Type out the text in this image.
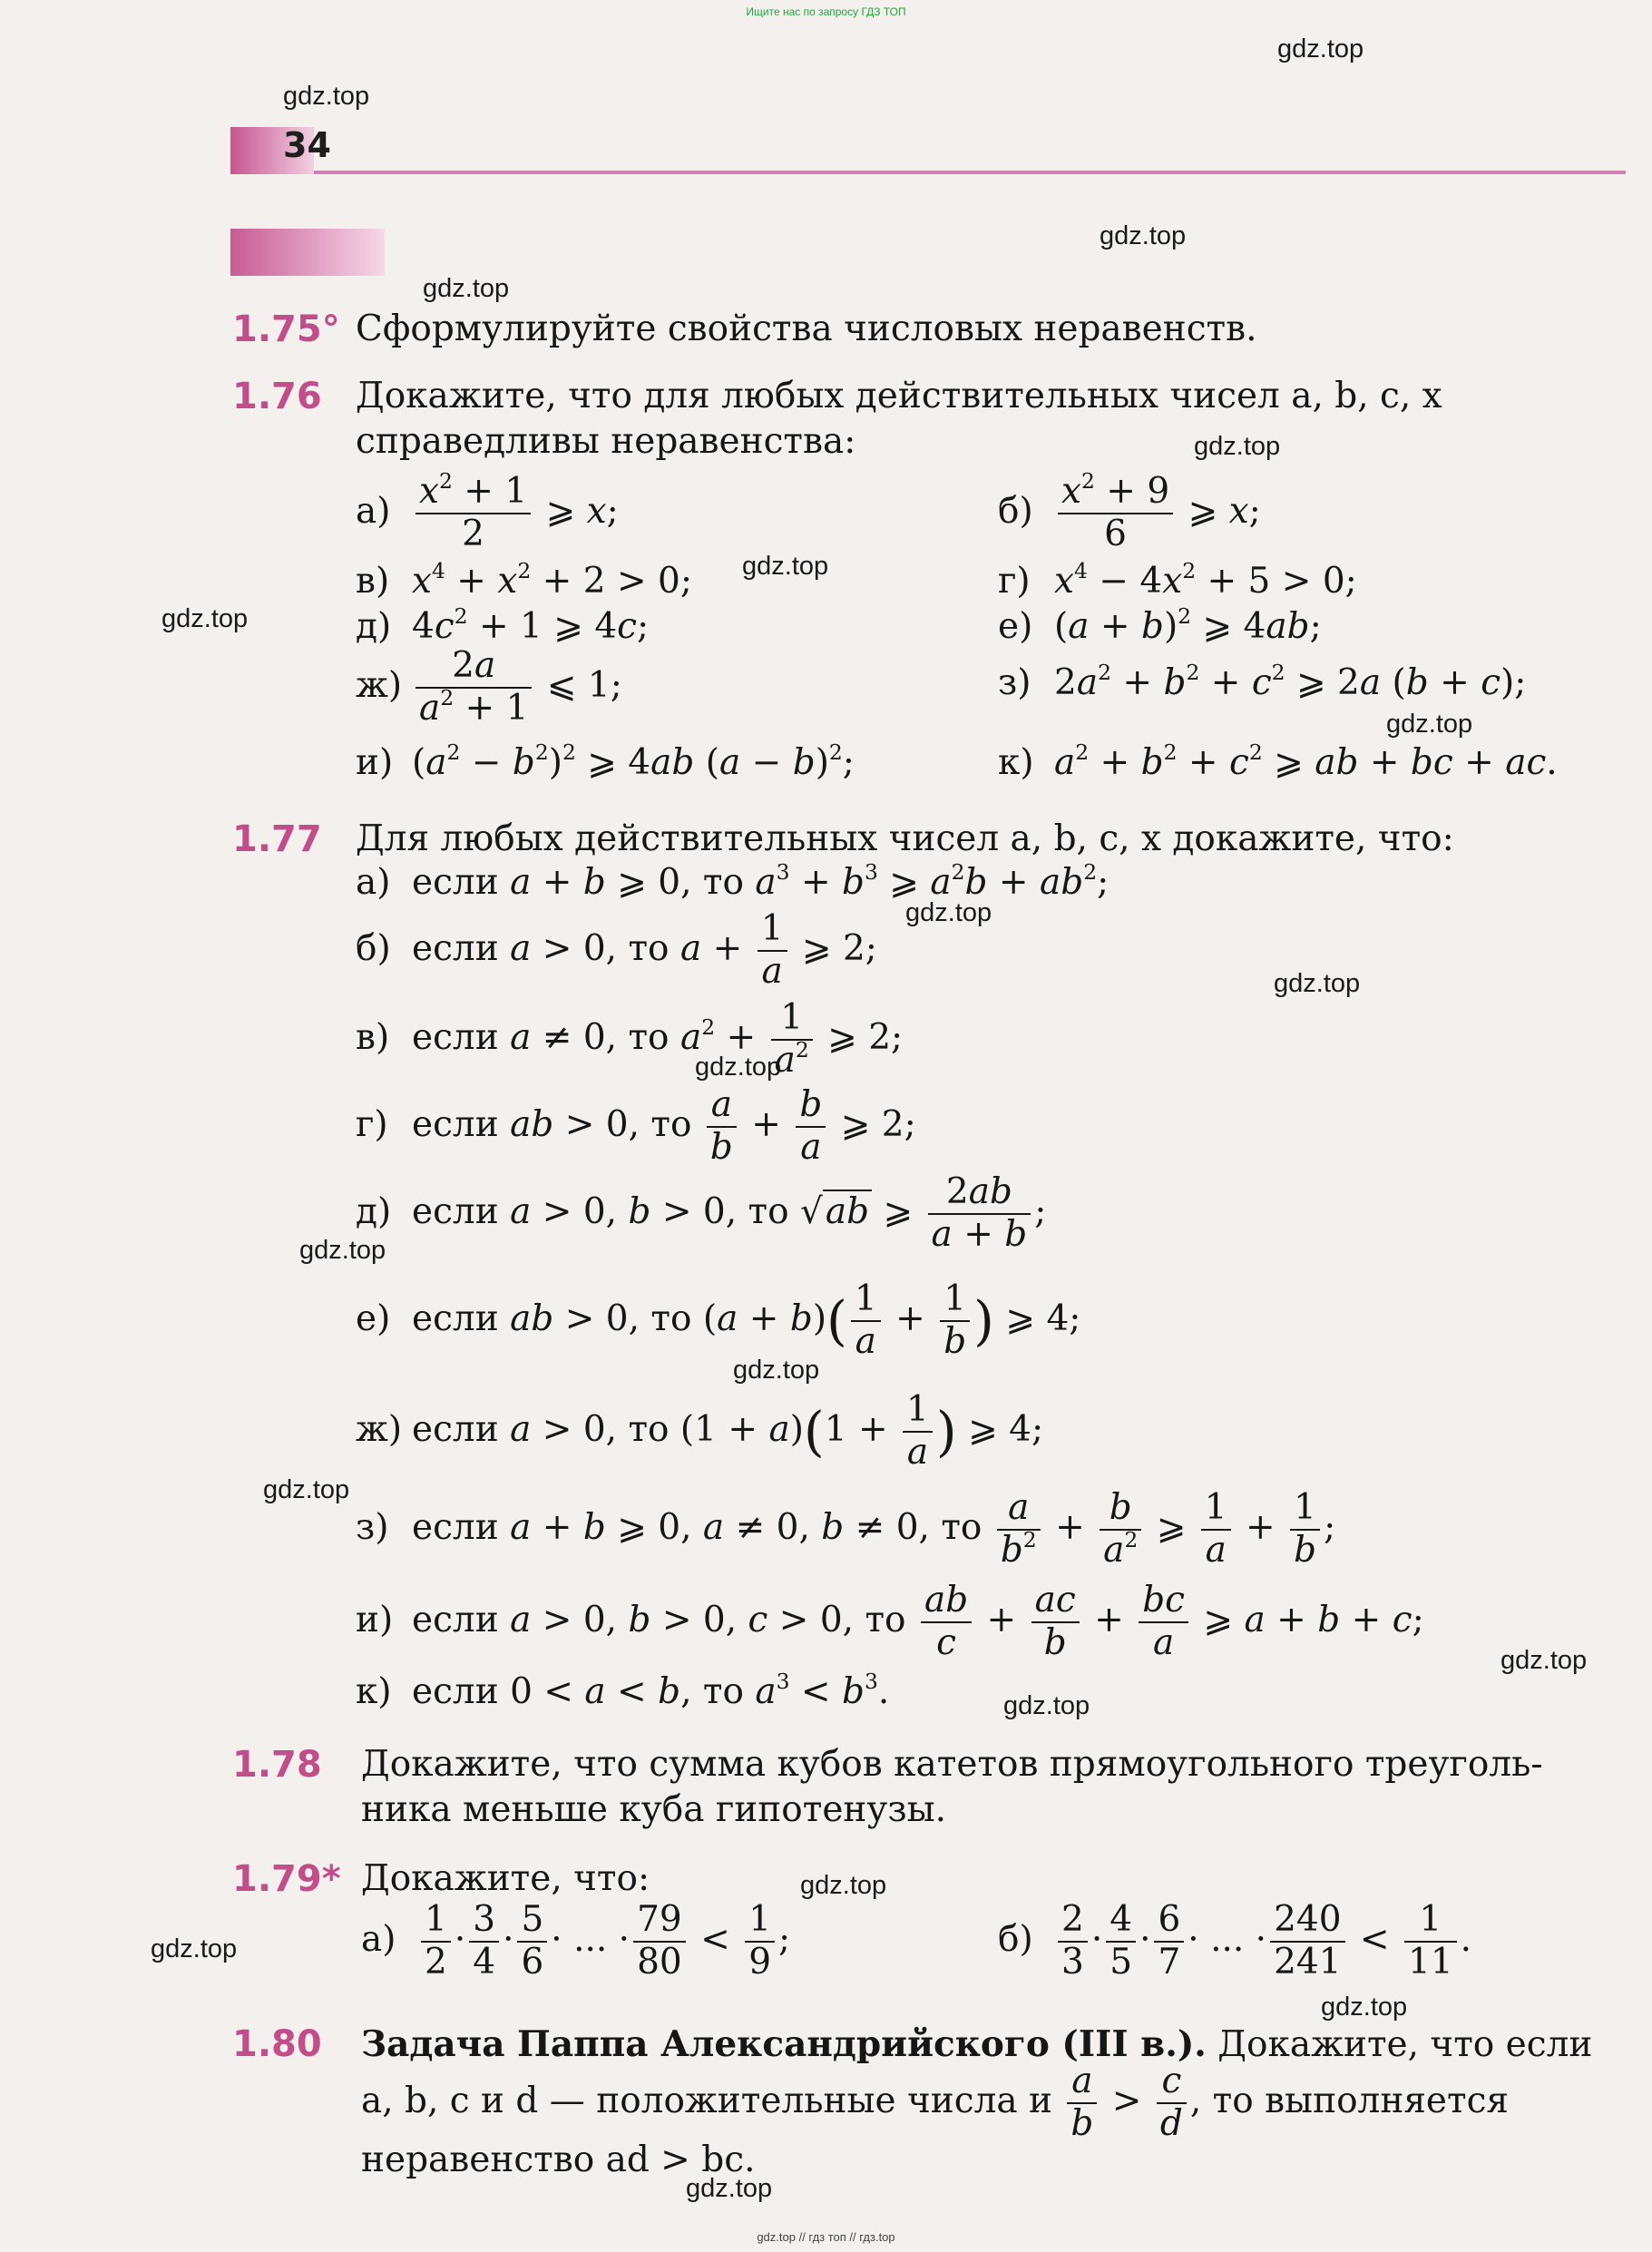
Ищите нас по запросу ГДЗ ТОП
34
gdz.top
gdz.top
gdz.top
gdz.top
gdz.top
gdz.top
gdz.top
gdz.top
gdz.top
gdz.top
gdz.top
gdz.top
gdz.top
gdz.top
gdz.top
gdz.top
gdz.top
gdz.top
gdz.top
gdz.top
1.75° Сформулируйте свойства числовых неравенств.
1.76 Докажите, что для любых действительных чисел a, b, c, x
справедливы неравенства:
$а) \frac{x^2 + 1}{2}$ ⩾ x;	$б) \frac{x^2 + 9}{6}$ ⩾ x;
в) $x^4 + x^2 + 2 > 0$;	г) $x^4 - 4x^2 + 5 > 0$;
д) $4c^2 + 1$ ⩾ 4c;	е) $(a + b)^2$ ⩾ 4ab;
$ж) \frac{2a}{a^2 + 1}$ ⩽ 1;	з) $2a^2 + b^2 + c^2$ ⩾ 2a (b + c);
и) $(a^2 - b^2)^2$ ⩾ 4ab $(a - b)^2$;	к) $a^2 + b^2 + c^2$ ⩾ ab + bc + ac.
1.77 Для любых действительных чисел a, b, c, x докажите, что:
а) если a + b ⩾ 0, то $a^3 + b^3$ ⩾ $a^2b + ab^2$;
б) если a > 0, то $a + \frac{1}{a}$ ⩾ 2;
в) если a ≠ 0, то $a^2 + \frac{1}{a^2}$ ⩾ 2;
г) если ab > 0, то $\frac{a}{b} + \frac{b}{a}$ ⩾ 2;
д) если a > 0, b > 0, то √ab ⩾ $\frac{2ab}{a + b}$ ;
е) если ab > 0, то $(a + b)( \frac{1}{a} + \frac{1}{b}$ ) ⩾ 4;
ж) если a > 0, то $(1 + a)(1 + \frac{1}{a}$ ) ⩾ 4;
з) если a + b ⩾ 0, a ≠ 0, b ≠ 0, то $\frac{a}{b^2} + \frac{b}{a^2}$ ⩾ $\frac{1}{a} + \frac{1}{b}$ ;
и) если a > 0, b > 0, c > 0, то $\frac{ab}{c} + \frac{ac}{b} + \frac{bc}{a}$ ⩾ a + b + c;
к) если 0 < a < b, то $a^3 < b^3$.
1.78 Докажите, что сумма кубов катетов прямоугольного треуголь-
ника меньше куба гипотенузы.
1.79* Докажите, что:
$а) \frac{1}{2} \cdot \frac{3}{4} \cdot \frac{5}{6}$ · ... · $\frac{79}{80} < \frac{1}{9}$ ;	$б) \frac{2}{3} \cdot \frac{4}{5} \cdot \frac{6}{7}$ · ... · $\frac{240}{241} < \frac{1}{11}$ .
1.80 Задача Паппа Александрийского (III в.). Докажите, что если
a, b, c и d — положительные числа и $\frac{a}{b} > \frac{c}{d}$ , то выполняется
неравенство ad > bc.
gdz.top // гдз топ // гдз.top
